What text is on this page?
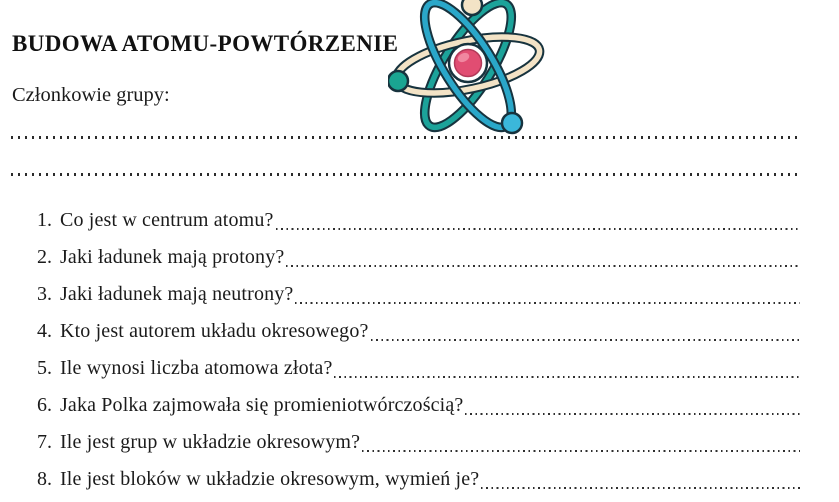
BUDOWA ATOMU-POWTÓRZENIE
Członkowie grupy:
1. Co jest w centrum atomu?
2. Jaki ładunek mają protony?
3. Jaki ładunek mają neutrony?
4. Kto jest autorem układu okresowego?
5. Ile wynosi liczba atomowa złota?
6. Jaka Polka zajmowała się promieniotwórczością?
7. Ile jest grup w układzie okresowym?
8. Ile jest bloków w układzie okresowym, wymień je?
